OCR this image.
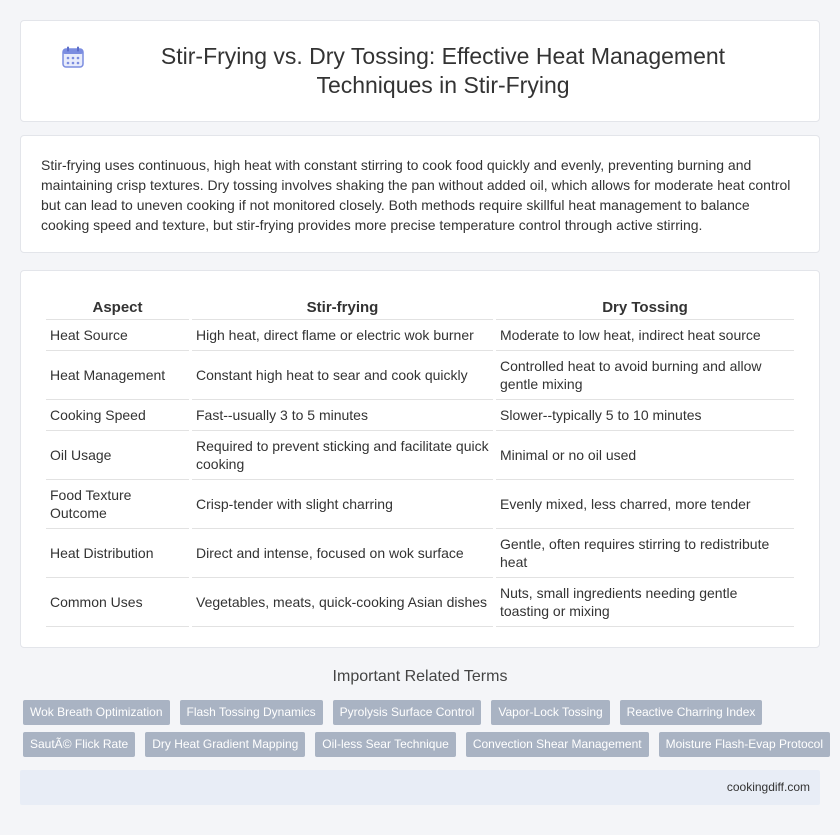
Stir-Frying vs. Dry Tossing: Effective Heat Management Techniques in Stir-Frying

Stir-frying uses continuous, high heat with constant stirring to cook food quickly and evenly, preventing burning and maintaining crisp textures. Dry tossing involves shaking the pan without added oil, which allows for moderate heat control but can lead to uneven cooking if not monitored closely. Both methods require skillful heat management to balance cooking speed and texture, but stir-frying provides more precise temperature control through active stirring.

Aspect	Stir-frying	Dry Tossing
Heat Source	High heat, direct flame or electric wok burner	Moderate to low heat, indirect heat source
Heat Management	Constant high heat to sear and cook quickly	Controlled heat to avoid burning and allow gentle mixing
Cooking Speed	Fast--usually 3 to 5 minutes	Slower--typically 5 to 10 minutes
Oil Usage	Required to prevent sticking and facilitate quick cooking	Minimal or no oil used
Food Texture Outcome	Crisp-tender with slight charring	Evenly mixed, less charred, more tender
Heat Distribution	Direct and intense, focused on wok surface	Gentle, often requires stirring to redistribute heat
Common Uses	Vegetables, meats, quick-cooking Asian dishes	Nuts, small ingredients needing gentle toasting or mixing
Important Related Terms
Wok Breath Optimization	Flash Tossing Dynamics	Pyrolysis Surface Control	Vapor-Lock Tossing	Reactive Charring Index
SautÃ© Flick Rate	Dry Heat Gradient Mapping	Oil-less Sear Technique	Convection Shear Management	Moisture Flash-Evap Protocol
cookingdiff.com
